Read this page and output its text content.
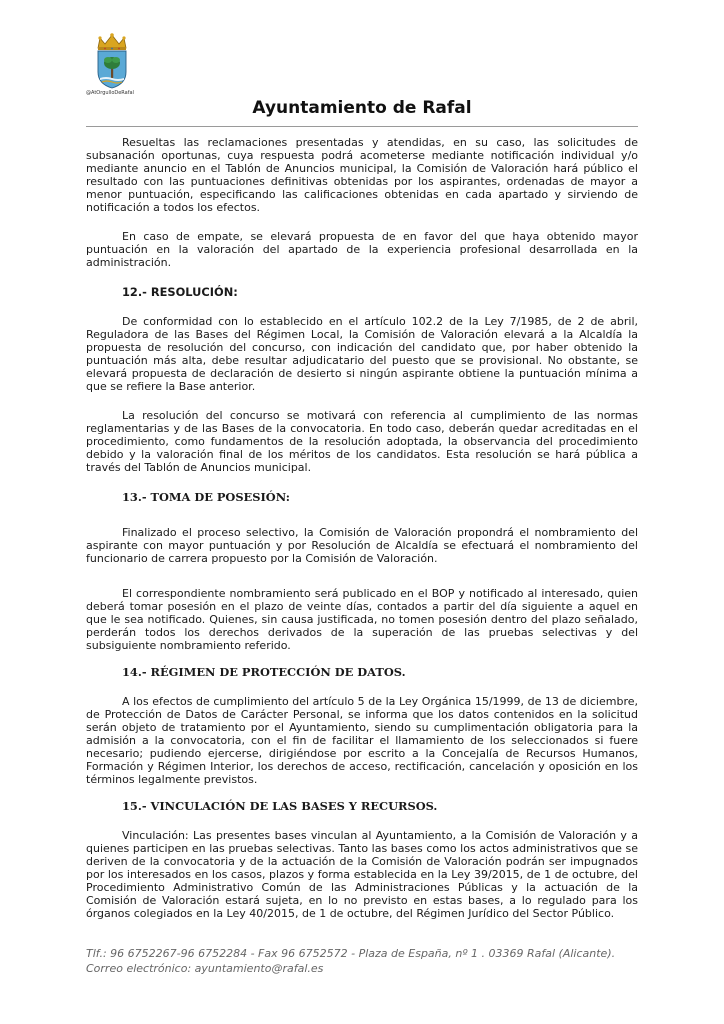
@AtOrgulloDeRafal
Ayuntamiento de Rafal

Resueltas las reclamaciones presentadas y atendidas, en su caso, las solicitudes de subsanación oportunas, cuya respuesta podrá acometerse mediante notificación individual y/o mediante anuncio en el Tablón de Anuncios municipal, la Comisión de Valoración hará público el resultado con las puntuaciones definitivas obtenidas por los aspirantes, ordenadas de mayor a menor puntuación, especificando las calificaciones obtenidas en cada apartado y sirviendo de notificación a todos los efectos.

En caso de empate, se elevará propuesta de en favor del que haya obtenido mayor puntuación en la valoración del apartado de la experiencia profesional desarrollada en la administración.

12.- RESOLUCIÓN:

De conformidad con lo establecido en el artículo 102.2 de la Ley 7/1985, de 2 de abril, Reguladora de las Bases del Régimen Local, la Comisión de Valoración elevará a la Alcaldía la propuesta de resolución del concurso, con indicación del candidato que, por haber obtenido la puntuación más alta, debe resultar adjudicatario del puesto que se provisional. No obstante, se elevará propuesta de declaración de desierto si ningún aspirante obtiene la puntuación mínima a que se refiere la Base anterior.

La resolución del concurso se motivará con referencia al cumplimiento de las normas reglamentarias y de las Bases de la convocatoria. En todo caso, deberán quedar acreditadas en el procedimiento, como fundamentos de la resolución adoptada, la observancia del procedimiento debido y la valoración final de los méritos de los candidatos. Esta resolución se hará pública a través del Tablón de Anuncios municipal.

13.- TOMA DE POSESIÓN:

Finalizado el proceso selectivo, la Comisión de Valoración propondrá el nombramiento del aspirante con mayor puntuación y por Resolución de Alcaldía se efectuará el nombramiento del funcionario de carrera propuesto por la Comisión de Valoración.

El correspondiente nombramiento será publicado en el BOP y notificado al interesado, quien deberá tomar posesión en el plazo de veinte días, contados a partir del día siguiente a aquel en que le sea notificado. Quienes, sin causa justificada, no tomen posesión dentro del plazo señalado, perderán todos los derechos derivados de la superación de las pruebas selectivas y del subsiguiente nombramiento referido.

14.- RÉGIMEN DE PROTECCIÓN DE DATOS.

A los efectos de cumplimiento del artículo 5 de la Ley Orgánica 15/1999, de 13 de diciembre, de Protección de Datos de Carácter Personal, se informa que los datos contenidos en la solicitud serán objeto de tratamiento por el Ayuntamiento, siendo su cumplimentación obligatoria para la admisión a la convocatoria, con el fin de facilitar el llamamiento de los seleccionados si fuere necesario; pudiendo ejercerse, dirigiéndose por escrito a la Concejalía de Recursos Humanos, Formación y Régimen Interior, los derechos de acceso, rectificación, cancelación y oposición en los términos legalmente previstos.

15.- VINCULACIÓN DE LAS BASES Y RECURSOS.

Vinculación: Las presentes bases vinculan al Ayuntamiento, a la Comisión de Valoración y a quienes participen en las pruebas selectivas. Tanto las bases como los actos administrativos que se deriven de la convocatoria y de la actuación de la Comisión de Valoración podrán ser impugnados por los interesados en los casos, plazos y forma establecida en la Ley 39/2015, de 1 de octubre, del Procedimiento Administrativo Común de las Administraciones Públicas y la actuación de la Comisión de Valoración estará sujeta, en lo no previsto en estas bases, a lo regulado para los órganos colegiados en la Ley 40/2015, de 1 de octubre, del Régimen Jurídico del Sector Público.

Tlf.: 96 6752267-96 6752284 - Fax 96 6752572 - Plaza de España, nº 1 . 03369 Rafal (Alicante).
Correo electrónico: ayuntamiento@rafal.es
